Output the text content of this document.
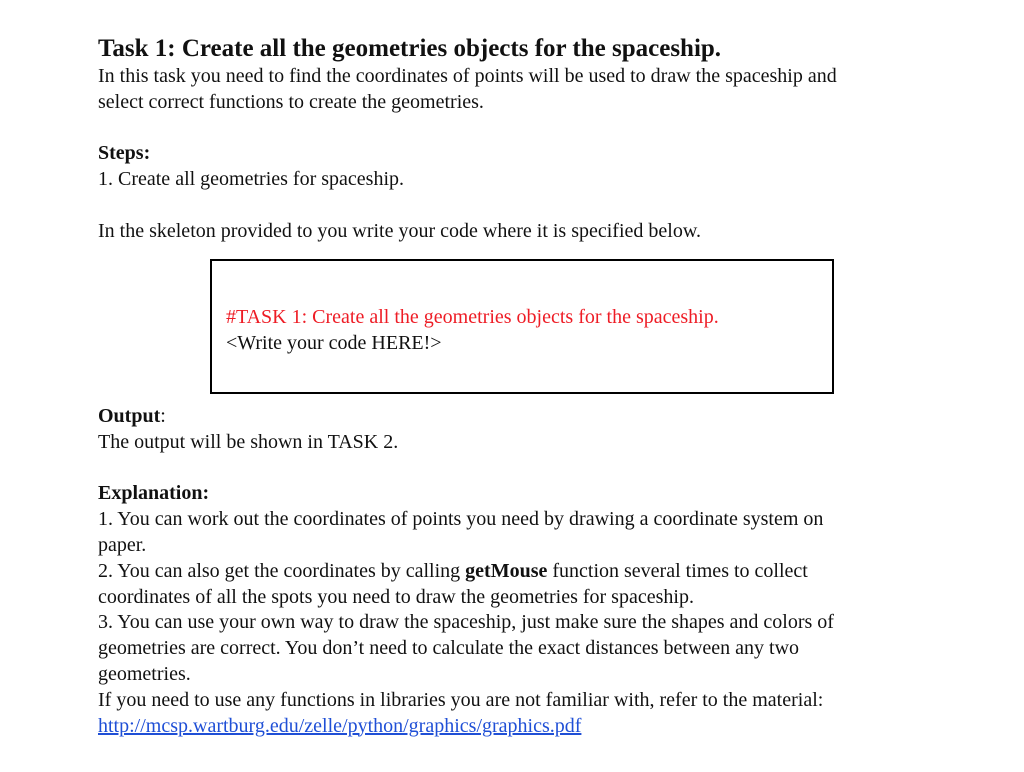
Task 1: Create all the geometries objects for the spaceship.

In this task you need to find the coordinates of points will be used to draw the spaceship and

select correct functions to create the geometries.

Steps:

1. Create all geometries for spaceship.

In the skeleton provided to you write your code where it is specified below.

#TASK 1: Create all the geometries objects for the spaceship.
<Write your code HERE!>

Output:

The output will be shown in TASK 2.

Explanation:

1. You can work out the coordinates of points you need by drawing a coordinate system on

paper.

2. You can also get the coordinates by calling getMouse function several times to collect

coordinates of all the spots you need to draw the geometries for spaceship.

3. You can use your own way to draw the spaceship, just make sure the shapes and colors of

geometries are correct. You don’t need to calculate the exact distances between any two

geometries.

If you need to use any functions in libraries you are not familiar with, refer to the material:

http://mcsp.wartburg.edu/zelle/python/graphics/graphics.pdf
